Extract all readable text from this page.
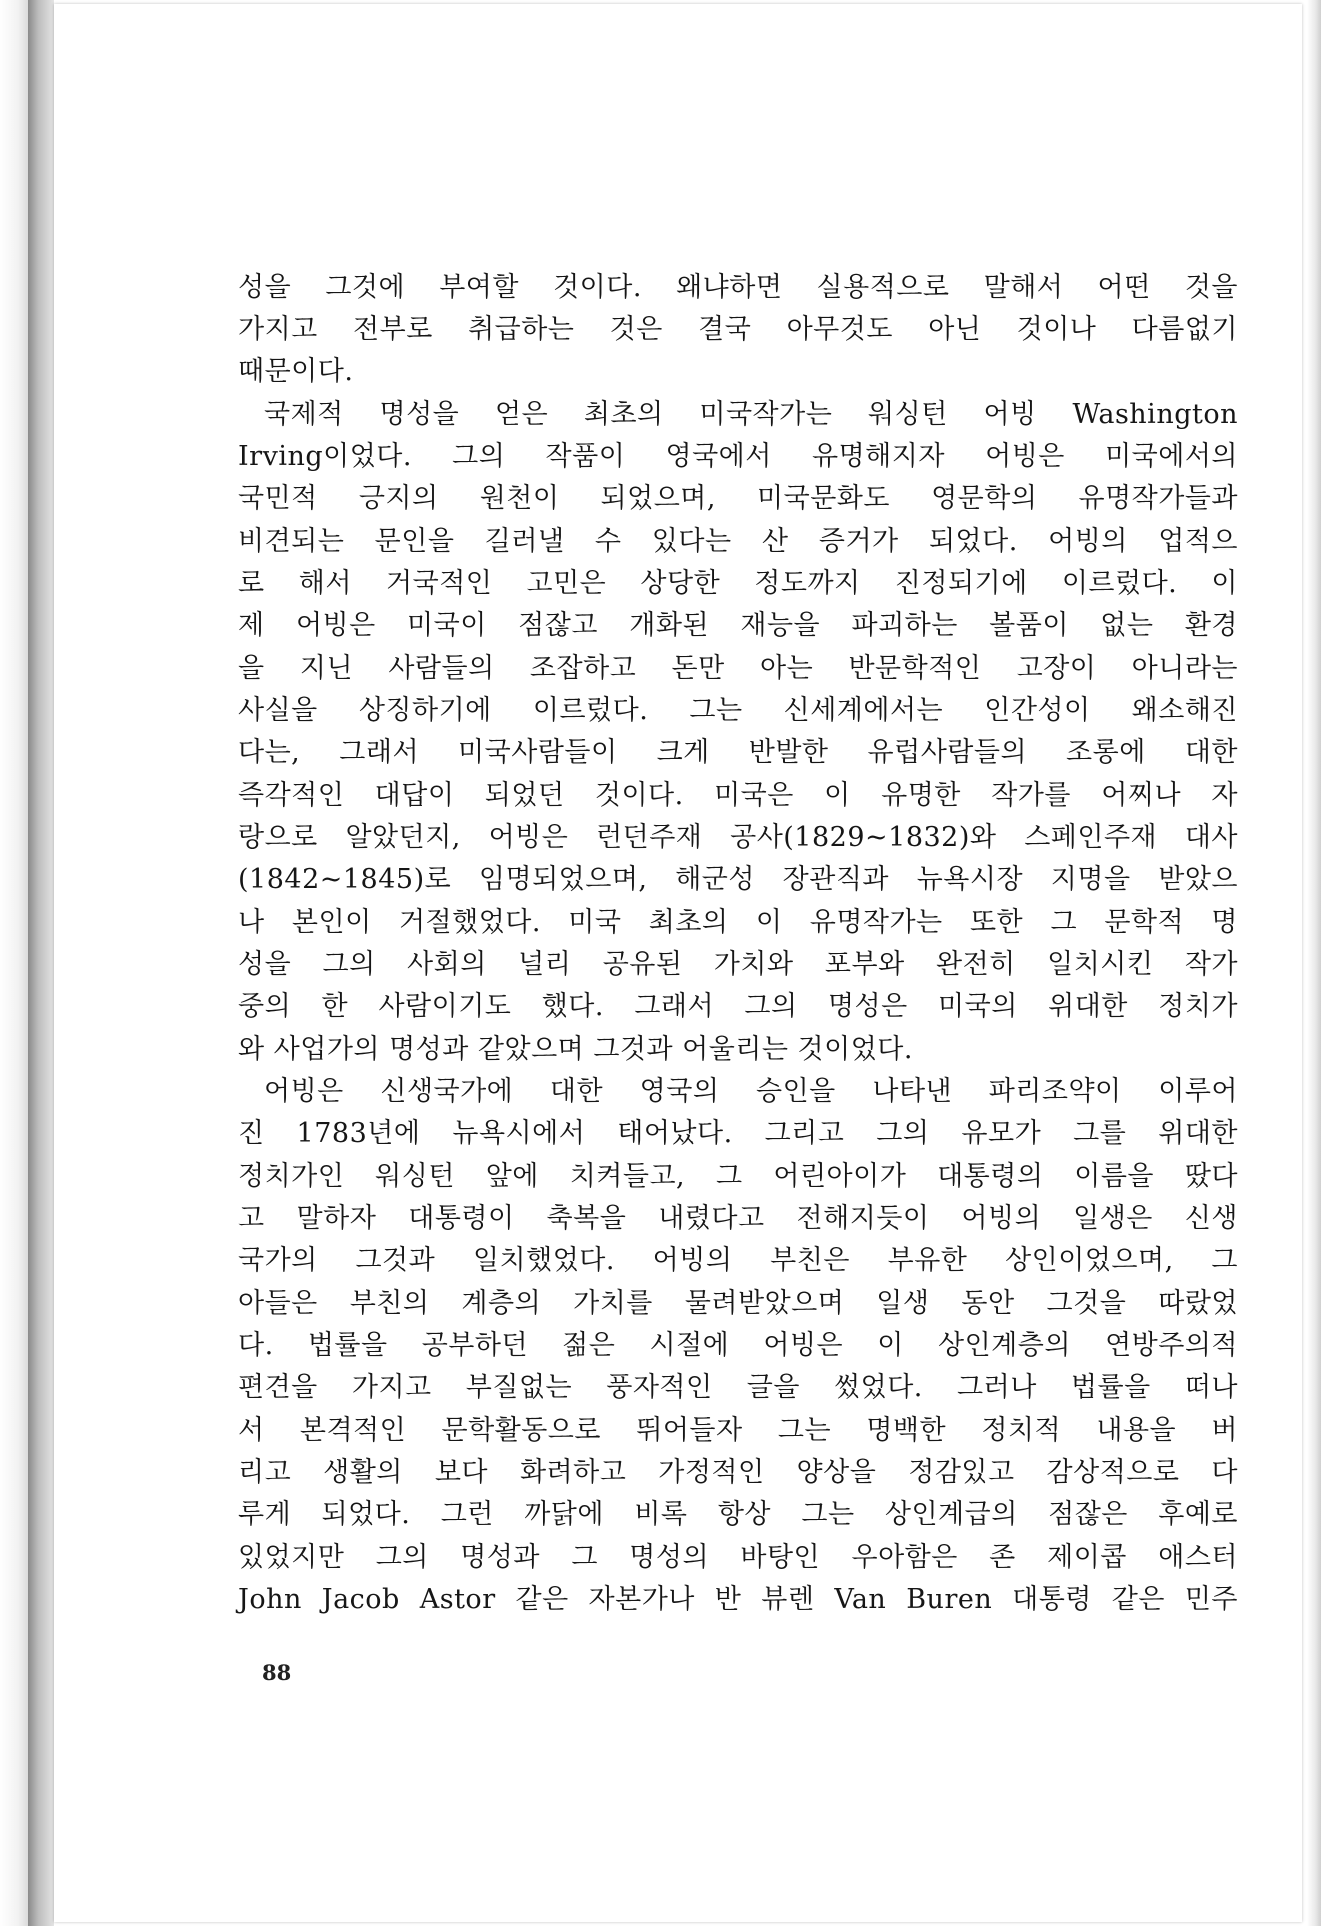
성을 그것에 부여할 것이다. 왜냐하면 실용적으로 말해서 어떤 것을
가지고 전부로 취급하는 것은 결국 아무것도 아닌 것이나 다름없기
때문이다.
국제적 명성을 얻은 최초의 미국작가는 워싱턴 어빙 Washington
Irving이었다. 그의 작품이 영국에서 유명해지자 어빙은 미국에서의
국민적 긍지의 원천이 되었으며, 미국문화도 영문학의 유명작가들과
비견되는 문인을 길러낼 수 있다는 산 증거가 되었다. 어빙의 업적으
로 해서 거국적인 고민은 상당한 정도까지 진정되기에 이르렀다. 이
제 어빙은 미국이 점잖고 개화된 재능을 파괴하는 볼품이 없는 환경
을 지닌 사람들의 조잡하고 돈만 아는 반문학적인 고장이 아니라는
사실을 상징하기에 이르렀다. 그는 신세계에서는 인간성이 왜소해진
다는, 그래서 미국사람들이 크게 반발한 유럽사람들의 조롱에 대한
즉각적인 대답이 되었던 것이다. 미국은 이 유명한 작가를 어찌나 자
랑으로 알았던지, 어빙은 런던주재 공사(1829~1832)와 스페인주재 대사
(1842~1845)로 임명되었으며, 해군성 장관직과 뉴욕시장 지명을 받았으
나 본인이 거절했었다. 미국 최초의 이 유명작가는 또한 그 문학적 명
성을 그의 사회의 널리 공유된 가치와 포부와 완전히 일치시킨 작가
중의 한 사람이기도 했다. 그래서 그의 명성은 미국의 위대한 정치가
와 사업가의 명성과 같았으며 그것과 어울리는 것이었다.
어빙은 신생국가에 대한 영국의 승인을 나타낸 파리조약이 이루어
진 1783년에 뉴욕시에서 태어났다. 그리고 그의 유모가 그를 위대한
정치가인 워싱턴 앞에 치켜들고, 그 어린아이가 대통령의 이름을 땄다
고 말하자 대통령이 축복을 내렸다고 전해지듯이 어빙의 일생은 신생
국가의 그것과 일치했었다. 어빙의 부친은 부유한 상인이었으며, 그
아들은 부친의 계층의 가치를 물려받았으며 일생 동안 그것을 따랐었
다. 법률을 공부하던 젊은 시절에 어빙은 이 상인계층의 연방주의적
편견을 가지고 부질없는 풍자적인 글을 썼었다. 그러나 법률을 떠나
서 본격적인 문학활동으로 뛰어들자 그는 명백한 정치적 내용을 버
리고 생활의 보다 화려하고 가정적인 양상을 정감있고 감상적으로 다
루게 되었다. 그런 까닭에 비록 항상 그는 상인계급의 점잖은 후예로
있었지만 그의 명성과 그 명성의 바탕인 우아함은 존 제이콥 애스터
John Jacob Astor 같은 자본가나 반 뷰렌 Van Buren 대통령 같은 민주
88
